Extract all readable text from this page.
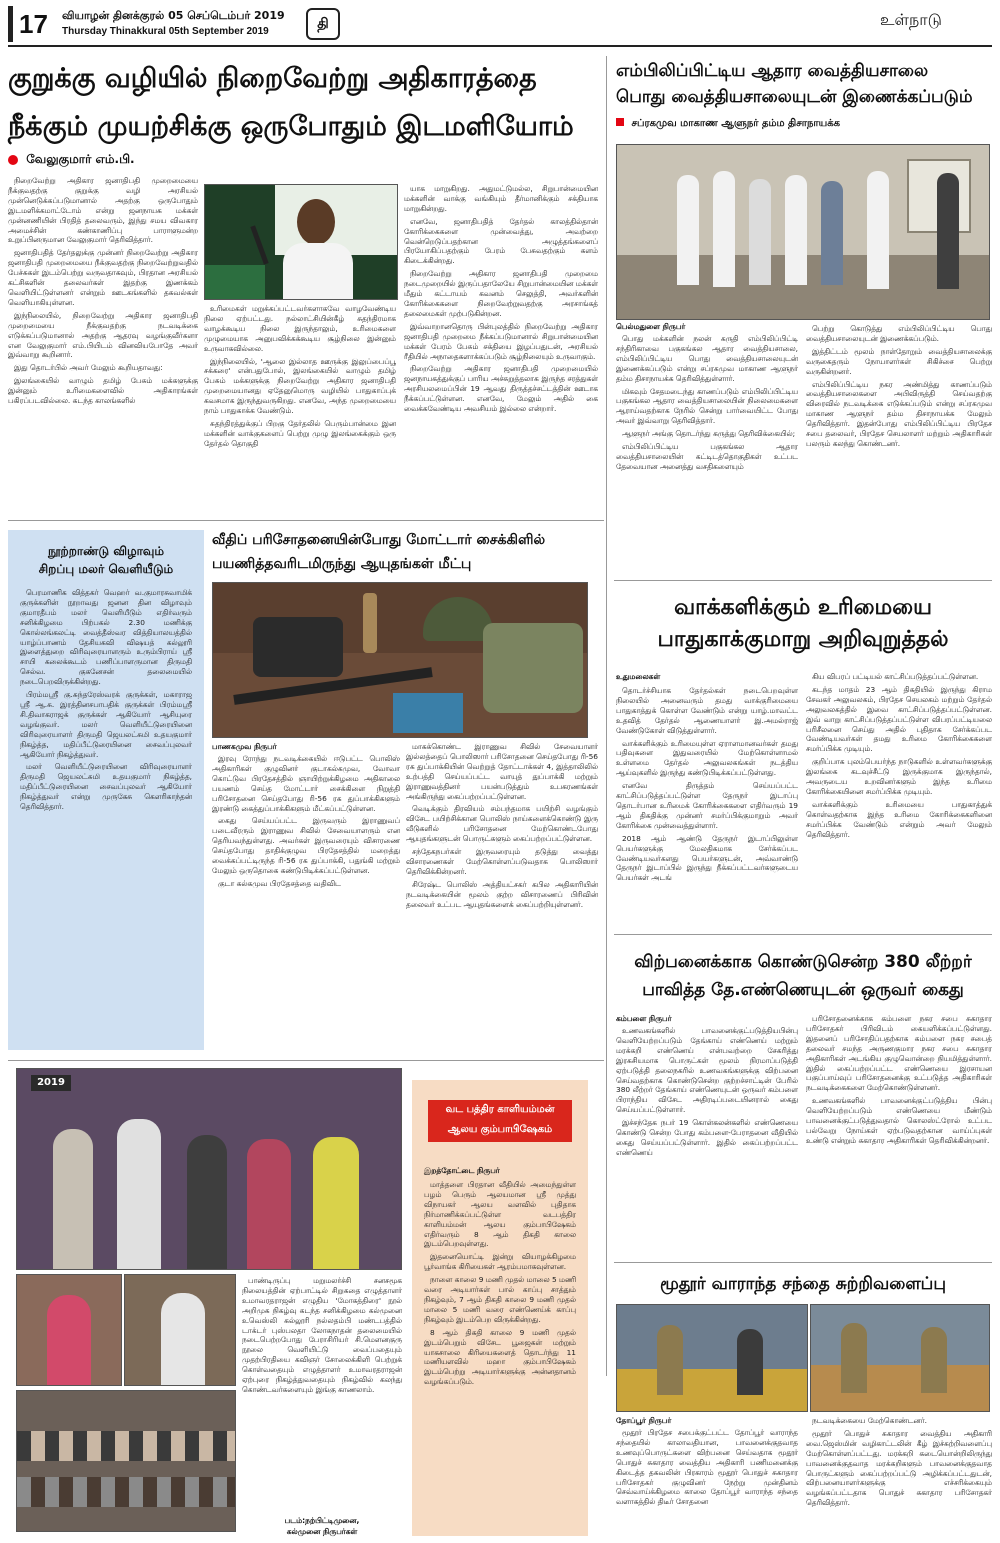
17	வியாழன் தினக்குரல் 05 செப்டெம்பர் 2019
Thursday Thinakkural 05th September 2019	தி	உள்நாடு
குறுக்கு வழியில் நிறைவேற்று அதிகாரத்தை
நீக்கும் முயற்சிக்கு ஒருபோதும் இடமளியோம்
வேலுகுமார் எம்.பி.

நிறைவேற்று அதிகார ஜனாதிபதி முறைமையை நீக்குவதற்கு குறுக்கு வழி அரசியல் முன்னெடுக்கப்படுமானால் அதற்கு ஒருபோதும் இடமளிக்கமாட்டோம் என்று ஜனநாயக மக்கள் முன்னணியின் பிரதித் தலைவரும், இந்து சமய விவகார அமைச்சின் கண்காணிப்பு பாராளுமன்ற உறுப்பினருமான வேலுகுமார் தெரிவித்தார்.

ஜனாதிபதித் தேர்தலுக்கு முன்னர் நிறைவேற்று அதிகார ஜனாதிபதி முறைமையை நீக்குவதற்கு நிறைவேற்றுவதில் பேச்சுகள் இடம்பெற்று வருவதாகவும், பிரதான அரசியல் கட்சிகளின் தலைவர்கள் இதற்கு இணக்கம் வெளியிட்டுள்ளனர் என்றும் ஊடகங்களில் தகவல்கள் வெளியாகியுள்ளன.

இந்நிலையில், நிறைவேற்று அதிகார ஜனாதிபதி முறைமையை நீக்குவதற்கு நடவடிக்கை எடுக்கப்படுமானால் அதற்கு ஆதரவு வழங்குவீர்களா என வேலுகுமார் எம்.பியிடம் வினவியபோதே அவர் இவ்வாறு கூறினார்.

இது தொடர்பில் அவர் மேலும் கூறியதாவது:

இலங்கையில் வாழும் தமிழ் பேசும் மக்களுக்கு இன்னும் உரிமைகளைவில் அதிகாரங்கள் பகிரப்படவில்லை. கடந்த காலங்களில்

உரிமைகள் மறுக்கப்பட்டவர்களாகவே வாழவேண்டிய நிலை ஏற்பட்டது. நல்லாட்சியின்கீழ் சுதந்திரமாக வாழக்கூடிய நிலை இருந்தாலும், உரிமைகளை முழுமையாக அனுபவிக்கக்கூடிய சூழ்நிலை இன்னும் உருவாகவில்லை.

இந்நிலையில், 'ஆலை இல்லாத ஊருக்கு இலுப்பைப்பூ சக்கரை' என்பதுபோல், இலங்கையில் வாழும் தமிழ் பேசும் மக்களுக்கு நிறைவேற்று அதிகார ஜனாதிபதி முறைமையானது ஏதேனுமொரு வழியில் பாதுகாப்புக் கவசமாக இருந்துவருகிறது. எனவே, அந்த முறைமையை நாம் பாதுகாக்க வேண்டும்.

சுதந்திரத்துக்குப் பிறகு தேர்தலில் பெரும்பான்மை இன மக்களின் வாக்குகளைப் பெற்று முழு இலங்கைக்கும் ஒரு தேர்தல் தொகுதி

யாக மாறுகிறது. அதுமட்டுமல்ல, சிறுபான்மையின மக்களின் வாக்கு வங்கியும் தீர்மானிக்கும் சக்தியாக மாறுகின்றது.

எனவே, ஜனாதிபதித் தேர்தல் காலத்தில்தான் கோரிக்கைகளை முன்வைத்து, அவற்றை வென்றெடுப்பதற்கான அழுத்தங்களைப் பிரயோகிப்பதற்கும் பேரம் பேசுவதற்கும் களம் கிடைக்கின்றது.

நிறைவேற்று அதிகார ஜனாதிபதி முறைமை நடைமுறையில் இருப்பதாலேயே சிறுபான்மையின மக்கள் மீதும் கட்டாயம் கவனம் செலுத்தி, அவர்களின் கோரிக்கைகளை நிறைவேற்றுவதற்கு அரசாங்கத் தலைமைகள் முற்படுகின்றன.

இவ்வாறானதொரு பின்புலத்தில் நிறைவேற்று அதிகார ஜனாதிபதி முறைமை நீக்கப்படுமானால் சிறுபான்மையின மக்கள் பேரம் பேசும் சக்தியை இழப்பதுடன், அரசியல் ரீதியில் அநாதைகளாக்கப்படும் சூழ்நிலையும் உருவாகும்.

நிறைவேற்று அதிகார ஜனாதிபதி முறைமையில் ஜனநாயகத்துக்குப் பாரிய அச்சுறுத்தலாக இருந்த சரத்துகள் அரசியலமைப்பின் 19 ஆவது திருத்தச்சட்டத்தின் ஊடாக நீக்கப்பட்டுள்ளன. எனவே, மேலும் அதில் கை வைக்கவேண்டிய அவசியம் இல்லை என்றார்.

எம்பிலிப்பிட்டிய ஆதார வைத்தியசாலை
பொது வைத்தியசாலையுடன் இணைக்கப்படும்
சப்ரகமுவ மாகாண ஆளுநர் தம்ம திசாநாயக்க
பெல்மதுளை நிருபர்

பொது மக்களின் நலன் கருதி எம்பிலிப்பிட்டி சந்திரிகாவை பகுகங்கல ஆதார வைத்தியசாலை, எம்பிலிப்பிட்டிய பொது வைத்தியசாலையுடன் இணைக்கப்படும் என்று சப்ரகமுவ மாகாண ஆளுநர் தம்ம திசாநாயக்க தெரிவித்துள்ளார்.

மிகவும் சேதமடைந்து காணப்படும் எம்பிலிப்பிட்டிய பகுகங்கல ஆதார வைத்தியசாலையின் நிலைமைகளை ஆராய்வதற்காக நேரில் சென்று பார்வையிட்ட போது அவர் இவ்வாறு தெரிவித்தார்.

ஆளுநர் அங்கு தொடர்ந்து கருத்து தெரிவிக்கையில்;

எம்பிலிப்பிட்டிய பகுகங்கல ஆதார வைத்தியசாலையின் கட்டிடத்தொகுதிகள் உட்பட தேவையான அனைத்து வசதிகளையும்

பெற்று கொடுத்து எம்பிலிப்பிட்டிய பொது வைத்தியசாலையுடன் இணைக்கப்படும்.

இத்திட்டம் மூலம் நாள்தோறும் வைத்தியசாலைக்கு வருகைதரும் நோயாளர்கள் சிகிச்சை பெற்று வருகின்றனர்.

எம்பிலிப்பிட்டிய நகர அண்மித்து காணப்படும் வைத்தியசாலைகளை அபிவிருத்தி செய்வதற்கு விரைவில் நடவடிக்கை எடுக்கப்படும் என்று சப்ரகமுவ மாகாண ஆளுநர் தம்ம திசாநாயக்க மேலும் தெரிவித்தார். இதன்போது எம்பிலிப்பிட்டிய பிரதேச சபை தலைவர், பிரதேச செயலாளர் மற்றும் அதிகாரிகள் பலரும் கலந்து கொண்டனர்.

நூற்றாண்டு விழாவும்
சிறப்பு மலர் வெளியீடும்

பெரமாணிக வித்தகர் வெஹர் வ.குமாரசுவாமிக் குருக்களின் நூறாவது ஜனன தின விழாவும் குமாரதீபம் மலர் வெளியீடும் எதிர்வரும் சனிக்கிழமை பிற்பகல் 2.30 மணிக்கு கொல்லங்கலட்டி வைத்தீஸ்வர வித்தியாலயத்தில் யாழ்ப்பாணம் தேசியகவி விஷயத் கல்லூரி இளைத்துறை விரிவுரையாளரும் உரும்பிராய் ஸ்ரீ சாயி கலைக்கூடம் பணிப்பாளருமான திருமதி செல்வ. குகனேசன் தலைமையில் நடைபெறவிருக்கின்றது.

பிரம்மஸ்ரீ கு.சுந்தரேஸ்வரக் குருக்கள், மகாராஜ ஸ்ரீ ஆ.சு. இரத்தினசபாபதிக் குருக்கள் பிரம்மஸ்ரீ சி.திவாகராஜக் குருக்கள் ஆகியோர் ஆசியுரை வழங்குவர். மலர் வெளியீட்டுரையினை விரிவுரையாளர் திருமதி ஜெயலட்சுமி உதயகுமார் நிகழ்த்த, மதிப்பீட்டுரையினை சைவப்புலவர் ஆகியோர் நிகழ்த்துவர்.

மலர் வெளியீட்டுரையினை விரிவுரையாளர் திருமதி ஜெயலட்சுமி உதயகுமார் நிகழ்த்த, மதிப்பீட்டுரையினை சைவப்புலவர் ஆகியோர் நிகழ்த்துவர் என்று முருகேசு கௌரிகாந்தன் தெரிவித்தார்.

வீதிப் பரிசோதனையின்போது மோட்டார் சைக்கிளில்
பயணித்தவரிடமிருந்து ஆயுதங்கள் மீட்பு
பாணகமுவ நிருபர்

இரவு ரோந்து நடவடிக்கையில் ஈடுபட்ட பொலிஸ் அதிகாரிகள் குழுவினர் குடாகல்கமுவ, வோவா கொட்டுவ பிரதேசத்தில் ஞாயிற்றுக்கிழமை அதிகாலை பயணம் செய்த மோட்டார் சைக்கிளை நிறுத்தி பரிசோதனை செய்தபோது ரி-56 ரக துப்பாக்கிகளும் இரண்டு கைத்துப்பாக்கிகளும் மீட்கப்பட்டுள்ளன.

கைது செய்யப்பட்ட இருவரும் இராணுவப் படைவீரரும் இராணுவ சிவில் சேவையாளரும் என தெரியவந்துள்ளது. அவர்கள் இருவரையும் விசாரணை செய்தபோது தாதிக்குழுவ பிரதேசத்தில் மறைத்து வைக்கப்பட்டிருந்த ரி-56 ரக துப்பாக்கி, பதுங்கி மற்றும் மேலும் ஒருதொகை கண்டுபிடிக்கப்பட்டுள்ளன.

குடா கல்கமுவ பிரதேசத்தை வதிவிட

மாகக்கொண்ட இராணுவ சிவில் சேவையாளர் இல்லத்தைப் பொலிஸார் பரிசோதனை செய்தபோது ரி-56 ரக துப்பாக்கியின் வெற்றுத் தோட்டாக்கள் 4, இத்தாலிலில் உற்பத்தி செய்யப்பட்ட வாயுத் துப்பாக்கி மற்றும் இராணுவத்தினர் பயன்படுத்தும் உபகரணங்கள் அங்கிருந்து கைப்பற்றப்பட்டுள்ளன.

வெடிக்கும் திரவியம் சம்பந்தமாக பயிற்சி வழங்கும் விசேட பயிற்சிக்கான பொலிஸ் நாய்களைக்கொண்டு இரு வீடுகளில் பரிசோதனை மேற்கொண்டபோது ஆயுதங்களுடன் பொருட்களும் கைப்பற்றப்பட்டுள்ளன.

சந்தேகநபர்கள் இருவரையும் தடுத்து வைத்து விசாரணைகள் மேற்கொள்ளப்படுவதாக பொலிஸார் தெரிவிக்கின்றனர்.

சிரேஷ்ட பொலிஸ் அத்தியட்சகர் கபில அதிகாரியின் நடவடிக்கையின் மூலம் குற்ற விசாரணைப் பிரிவின் தலைவர் உட்பட ஆயுதங்களைக் கைப்பற்றியுள்ளனர்.

வாக்களிக்கும் உரிமையை
பாதுகாக்குமாறு அறிவுறுத்தல்
உதுமலைகள்

தொடர்ச்சியாக தேர்தல்கள் நடைபெறவுள்ள நிலையில் அனைவரும் தமது வாக்குரிமையை பாதுகாத்துக் கொள்ள வேண்டும் என்று யாழ்.மாவட்ட உதவித் தேர்தல் ஆணையாளர் இ.அமல்ராஜ் வேண்டுகோள் விடுத்துள்ளார்.

வாக்களிக்கும் உரிமையுள்ள ஏராளமானவர்கள் தமது பதிவுகளை இதுவரையில் மேற்கொள்ளாமல் உள்ளமை தேர்தல் அலுவலகங்கள் நடத்திய ஆய்வுகளில் இருந்து கண்டுபிடிக்கப்பட்டுள்ளது.

எனவே திருத்தம் செய்யப்பட்ட காட்சிப்படுத்தப்பட்டுள்ள தேருநர் இடாப்பு தொடர்பான உரிமைக் கோரிக்கைகளை எதிர்வரும் 19 ஆம் திகதிக்கு முன்னர் சமர்ப்பிக்குமாறும் அவர் கோரிக்கை முன்வைத்துள்ளார்.

2018 ஆம் ஆண்டு தேருநர் இடாப்பிலுள்ள பெயர்களுக்கு மேலதிகமாக சேர்க்கப்பட வேண்டியவர்களது பெயர்களுடன், அவ்வாண்டு தேருநர் இடாப்பில் இருந்து நீக்கப்பட்டவர்களுடைய பெயர்கள் அடங்

கிய விபரப் பட்டியல் காட்சிப்படுத்தப்பட்டுள்ளன.

கடந்த மாதம் 23 ஆம் திகதியில் இருந்து கிராம சேவகர் அலுவலகம், பிரதேச செயலகம் மற்றும் தேர்தல் அலுவலகத்தில் இவை காட்சிப்படுத்தப்பட்டுள்ளன. இவ் வாறு காட்சிப்படுத்தப்பட்டுள்ள விபரப்பட்டியலை பரிசீலனை செய்து அதில் புதிதாக சேர்க்கப்பட வேண்டியவர்கள் தமது உரிமை கோரிக்கைகளை சமர்ப்பிக்க முடியும்.

குறிப்பாக புலம்பெயர்ந்த நாடுகளில் உள்ளவர்களுக்கு இலங்கை கடவுச்சீட்டு இருக்குமாக இருந்தால், அவருடைய உறவினர்களும் இந்த உரிமை கோரிக்கையினை சமர்ப்பிக்க முடியும்.

வாக்களிக்கும் உரிமையை பாதுகாத்துக் கொள்வதற்காக இந்த உரிமை கோரிக்கைகளினை சமர்ப்பிக்க வேண்டும் என்றும் அவர் மேலும் தெரிவித்தார்.

விற்பனைக்காக கொண்டுசென்ற 380 லீற்றர்
பாவித்த தே.எண்ணெயுடன் ஒருவர் கைது
கம்பளை நிருபர்

உணவகங்களில் பாவனைக்குட்படுத்தியபின்பு வெளியேற்றப்படும் தேங்காய் எண்ணெய் மற்றும் மரக்கறி எண்ணெய் என்பவற்றை சேகரித்து இரகசியமாக பொருட்கள் மூலம் நிரமாப்படுத்தி ஏற்படுத்தி தலைநகரில் உணவகங்களுக்கு விற்பனை செய்வதற்காக கொண்டுசென்ற குற்றச்சாட்டின் பேரில் 380 லீற்றர் தேங்காய் எண்ணெயுடன் ஒருவர் கம்பளை பிராந்திய விசேட அதிரடிப்படையினரால் கைது செய்யப்பட்டுள்ளார்.

இச்சந்தேக நபர் 19 கொள்கலன்களில் எண்ணெயை கொண்டு சென்ற போது கம்பளை-பேராதனை வீதியில் கைது செய்யப்பட்டுள்ளார். இதில் கைப்பற்றப்பட்ட எண்ணெய்

பரிசோதனைக்காக கம்பளை நகர சபை சுகாதார பரிசோதகர் பிரிவிடம் கையளிக்கப்பட்டுள்ளது. இதனைப் பரிசோதிப்பதற்காக கம்பளை நகர சபைத் தலைவர் சமந்த அருணகுமார நகர சபை சுகாதார அதிகாரிகள் அடங்கிய குழுவொன்றை நியமித்துள்ளார். இதில் கைப்பற்றப்பட்ட எண்ணெயை இரசாயன பகுப்பாய்வுப் பரிசோதனைக்கு உட்படுத்த அதிகாரிகள் நடவடிக்கைகளை மேற்கொண்டுள்ளனர்.

உணவகங்களில் பாவனைக்குட்படுத்திய பின்பு வெளியேற்றப்படும் எண்ணெயை மீண்டும் பாவனைக்குட்படுத்துவதால் கொலஸ்ட்ரோல் உட்பட பல்வேறு நோய்கள் ஏற்படுவதற்கான வாய்ப்புகள் உண்டு என்றும் சுகாதார அதிகாரிகள் தெரிவிக்கின்றனர்.

மூதூர் வாராந்த சந்தை சுற்றிவளைப்பு
தோப்பூர் நிருபர்

மூதூர் பிரதேச சபைக்குட்பட்ட தோப்பூர் வாராந்த சந்தையில் காலாவதியான, பாவனைக்குதவாத உணவுப்பொருட்களை விற்பனை செய்வதாக மூதூர் பொதுச் சுகாதார வைத்திய அதிகாரி பணிமனைக்கு கிடைத்த தகவலின் பிரகாரம் மூதூர் பொதுச் சுகாதார பரிசோதகர் குழுவினர் நேற்று முன்தினம் செவ்வாய்க்கிழமை காலை தோப்பூர் வாராந்த சந்தை வளாகத்தில் திடீர் சோதனை

நடவடிக்கையை மேற்கொண்டனர்.

மூதூர் பொதுச் சுகாதார வைத்திய அதிகாரி வை.ஜெஸ்மின் வழிகாட்டலின் கீழ் இச்சுற்றிவளைப்பு மேற்கொள்ளப்பட்டது. மரக்கறி கடையொன்றிலிருந்து பாவனைக்குதவாத மரக்கறிகளும் பாவனைக்குதவாத பொருட்களும் கைப்பற்றப்பட்டு அழிக்கப்பட்டதுடன், விற்பனையாளர்களுக்கு எச்சரிக்கையும் வழங்கப்பட்டதாக பொதுச் சுகாதார பரிசோதகர் தெரிவித்தார்.

2019

பாண்டிருப்பு மறுமலர்ச்சி சனசமூக நிலையத்தின் ஏற்பாட்டில் சிறுகதை எழுத்தாளர் உமாவரதராஜன் எழுதிய 'மோகத்திரை' நூல் அறிமுக நிகழ்வு கடந்த சனிக்கிழமை கல்முனை உவெஸ்லி கல்லூரி நல்லதம்பி மண்டபத்தில் டாக்டர் புஸ்பலதா லோகநாதன் தலைமையில் நடைபெற்றபோது பேராசிரியர் சி.மௌனகுரு நூலை வெளியிட்டு வைப்பதையும் முதற்பிரதியை கவிஞர் சோலைக்கிளி பெற்றுக் கொள்வதையும் எழுத்தாளர் உமாவரதராஜன் ஏற்புரை நிகழ்த்துவதையும் நிகழ்வில் கலந்து கொண்டவர்களையும் இங்கு காணலாம்.

படம்:நற்பிட்டிமுனை,
கல்முனை நிருபர்கள்
வட பத்திர காளியம்மன்
ஆலய கும்பாபிஷேகம்
இறத்தோட்டை நிருபர்

மாத்தளை பிரதான வீதியில் அமைந்துள்ள பழம் பெரும் ஆலயமான ஸ்ரீ முத்து விநாயகர் ஆலய வளவில் புதிதாக நிர்மாணிக்கப்பட்டுள்ள வடபத்திர காளியம்மன் ஆலய கும்பாபிஷேகம் எதிர்வரும் 8 ஆம் திகதி காலை இடம்பெறவுள்ளது.

இதனையொட்டி இன்று வியாழக்கிழமை பூர்வாங்க கிரியைகள் ஆரம்பமாகவுள்ளன.

நாளை காலை 9 மணி முதல் மாலை 5 மணி வரை அடியார்கள் பால் காப்பு சாத்தும் நிகழ்வும், 7 ஆம் திகதி காலை 9 மணி முதல் மாலை 5 மணி வரை எண்ணெய்க் காப்பு நிகழ்வும் இடம்பெற விருக்கின்றது.

8 ஆம் திகதி காலை 9 மணி முதல் இடம்பெறும் விசேட பூஜைகள் மற்றும் யாகசாலை கிரியைகளைத் தொடர்ந்து 11 மணியளவில் மஹா கும்பாபிஷேகம் இடம்பெற்று அடியார்களுக்கு அன்னதானம் வழங்கப்படும்.
